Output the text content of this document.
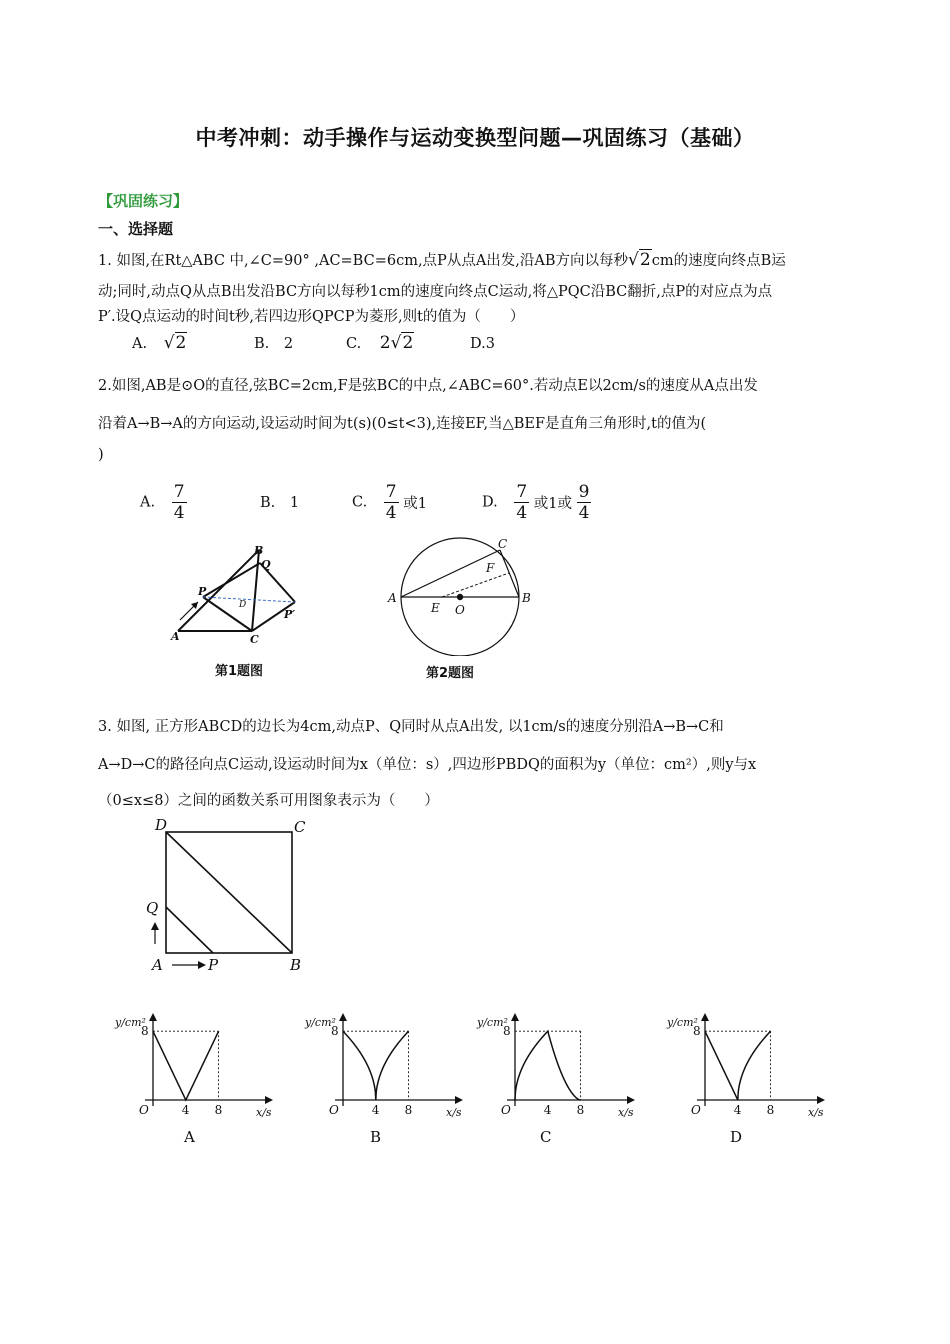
中考冲刺：动手操作与运动变换型问题—巩固练习（基础）
【巩固练习】
一、选择题
1. 如图,在Rt△ABC 中,∠C=90° ,AC=BC=6cm,点P从点A出发,沿AB方向以每秒√2cm的速度向终点B运
动;同时,动点Q从点B出发沿BC方向以每秒1cm的速度向终点C运动,将△PQC沿BC翻折,点P的对应点为点
P′.设Q点运动的时间t秒,若四边形QPCP为菱形,则t的值为（　　）
A. √2	B. 2	C. 2√2	D.3
2.如图,AB是⊙O的直径,弦BC=2cm,F是弦BC的中点,∠ABC=60°.若动点E以2cm/s的速度从A点出发
沿着A→B→A的方向运动,设运动时间为t(s)(0≤t<3),连接EF,当△BEF是直角三角形时,t的值为(
)
A. $\frac{7}{4}$	B. 1	C. $\frac{7}{4}$ 或1	D. $\frac{7}{4}$ 或1或 $\frac{9}{4}$
A
B
C
D
P
Q
P′
第1题图
A	B
C
E
F
O
第2题图
3. 如图, 正方形ABCD的边长为4cm,动点P、Q同时从点A出发, 以1cm/s的速度分别沿A→B→C和
A→D→C的路径向点C运动,设运动时间为x（单位：s）,四边形PBDQ的面积为y（单位：cm²）,则y与x
（0≤x≤8）之间的函数关系可用图象表示为（　　）
A	B
C
D
P
Q
y/cm²
8
O	4 8	x/s
A
y/cm²
8
O	4 8	x/s
B
y/cm²
8
O	4 8	x/s
C
y/cm²
8
O	4 8	x/s
D
